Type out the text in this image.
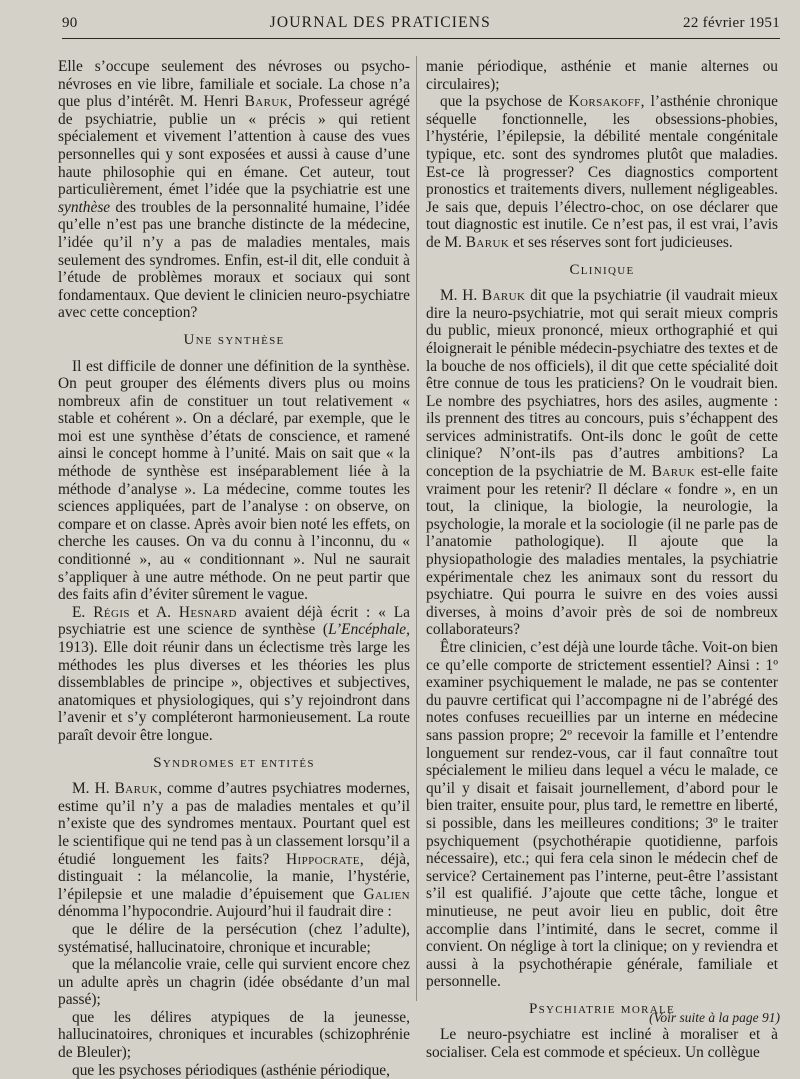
90	JOURNAL DES PRATICIENS	22 février 1951

Elle s’occupe seulement des névroses ou psycho-névroses en vie libre, familiale et sociale. La chose n’a que plus d’intérêt. M. Henri Baruk, Professeur agrégé de psychiatrie, publie un « précis » qui retient spécialement et vivement l’attention à cause des vues personnelles qui y sont exposées et aussi à cause d’une haute philosophie qui en émane. Cet auteur, tout particulièrement, émet l’idée que la psychiatrie est une synthèse des troubles de la personnalité humaine, l’idée qu’elle n’est pas une branche distincte de la médecine, l’idée qu’il n’y a pas de maladies mentales, mais seulement des syndromes. Enfin, est-il dit, elle conduit à l’étude de problèmes moraux et sociaux qui sont fondamentaux. Que devient le clinicien neuro-psychiatre avec cette conception?

Une synthèse

Il est difficile de donner une définition de la synthèse. On peut grouper des éléments divers plus ou moins nombreux afin de constituer un tout relativement « stable et cohérent ». On a déclaré, par exemple, que le moi est une synthèse d’états de conscience, et ramené ainsi le concept homme à l’unité. Mais on sait que « la méthode de synthèse est inséparablement liée à la méthode d’analyse ». La médecine, comme toutes les sciences appliquées, part de l’analyse : on observe, on compare et on classe. Après avoir bien noté les effets, on cherche les causes. On va du connu à l’inconnu, du « conditionné », au « conditionnant ». Nul ne saurait s’appliquer à une autre méthode. On ne peut partir que des faits afin d’éviter sûrement le vague.

E. Régis et A. Hesnard avaient déjà écrit : « La psychiatrie est une science de synthèse (L’Encéphale, 1913). Elle doit réunir dans un éclectisme très large les méthodes les plus diverses et les théories les plus dissemblables de principe », objectives et subjectives, anatomiques et physiologiques, qui s’y rejoindront dans l’avenir et s’y compléteront harmonieusement. La route paraît devoir être longue.

Syndromes et entités

M. H. Baruk, comme d’autres psychiatres modernes, estime qu’il n’y a pas de maladies mentales et qu’il n’existe que des syndromes mentaux. Pourtant quel est le scientifique qui ne tend pas à un classement lorsqu’il a étudié longuement les faits? Hippocrate, déjà, distinguait : la mélancolie, la manie, l’hystérie, l’épilepsie et une maladie d’épuisement que Galien dénomma l’hypocondrie. Aujourd’hui il faudrait dire :

que le délire de la persécution (chez l’adulte), systématisé, hallucinatoire, chronique et incurable;

que la mélancolie vraie, celle qui survient encore chez un adulte après un chagrin (idée obsédante d’un mal passé);

que les délires atypiques de la jeunesse, hallucinatoires, chroniques et incurables (schizophrénie de Bleuler);

que les psychoses périodiques (asthénie périodique,

manie périodique, asthénie et manie alternes ou circulaires);

que la psychose de Korsakoff, l’asthénie chronique séquelle fonctionnelle, les obsessions-phobies, l’hystérie, l’épilepsie, la débilité mentale congénitale typique, etc. sont des syndromes plutôt que maladies. Est-ce là progresser? Ces diagnostics comportent pronostics et traitements divers, nullement négligeables. Je sais que, depuis l’électro-choc, on ose déclarer que tout diagnostic est inutile. Ce n’est pas, il est vrai, l’avis de M. Baruk et ses réserves sont fort judicieuses.

Clinique

M. H. Baruk dit que la psychiatrie (il vaudrait mieux dire la neuro-psychiatrie, mot qui serait mieux compris du public, mieux prononcé, mieux orthographié et qui éloignerait le pénible médecin-psychiatre des textes et de la bouche de nos officiels), il dit que cette spécialité doit être connue de tous les praticiens? On le voudrait bien. Le nombre des psychiatres, hors des asiles, augmente : ils prennent des titres au concours, puis s’échappent des services administratifs. Ont-ils donc le goût de cette clinique? N’ont-ils pas d’autres ambitions? La conception de la psychiatrie de M. Baruk est-elle faite vraiment pour les retenir? Il déclare « fondre », en un tout, la clinique, la biologie, la neurologie, la psychologie, la morale et la sociologie (il ne parle pas de l’anatomie pathologique). Il ajoute que la physiopathologie des maladies mentales, la psychiatrie expérimentale chez les animaux sont du ressort du psychiatre. Qui pourra le suivre en des voies aussi diverses, à moins d’avoir près de soi de nombreux collaborateurs?

Être clinicien, c’est déjà une lourde tâche. Voit-on bien ce qu’elle comporte de strictement essentiel? Ainsi : 1º examiner psychiquement le malade, ne pas se contenter du pauvre certificat qui l’accompagne ni de l’abrégé des notes confuses recueillies par un interne en médecine sans passion propre; 2º recevoir la famille et l’entendre longuement sur rendez-vous, car il faut connaître tout spécialement le milieu dans lequel a vécu le malade, ce qu’il y disait et faisait journellement, d’abord pour le bien traiter, ensuite pour, plus tard, le remettre en liberté, si possible, dans les meilleures conditions; 3º le traiter psychiquement (psychothérapie quotidienne, parfois nécessaire), etc.; qui fera cela sinon le médecin chef de service? Certainement pas l’interne, peut-être l’assistant s’il est qualifié. J’ajoute que cette tâche, longue et minutieuse, ne peut avoir lieu en public, doit être accomplie dans l’intimité, dans le secret, comme il convient. On néglige à tort la clinique; on y reviendra et aussi à la psychothérapie générale, familiale et personnelle.

Psychiatrie morale

Le neuro-psychiatre est incliné à moraliser et à socialiser. Cela est commode et spécieux. Un collègue

(Voir suite à la page 91)
